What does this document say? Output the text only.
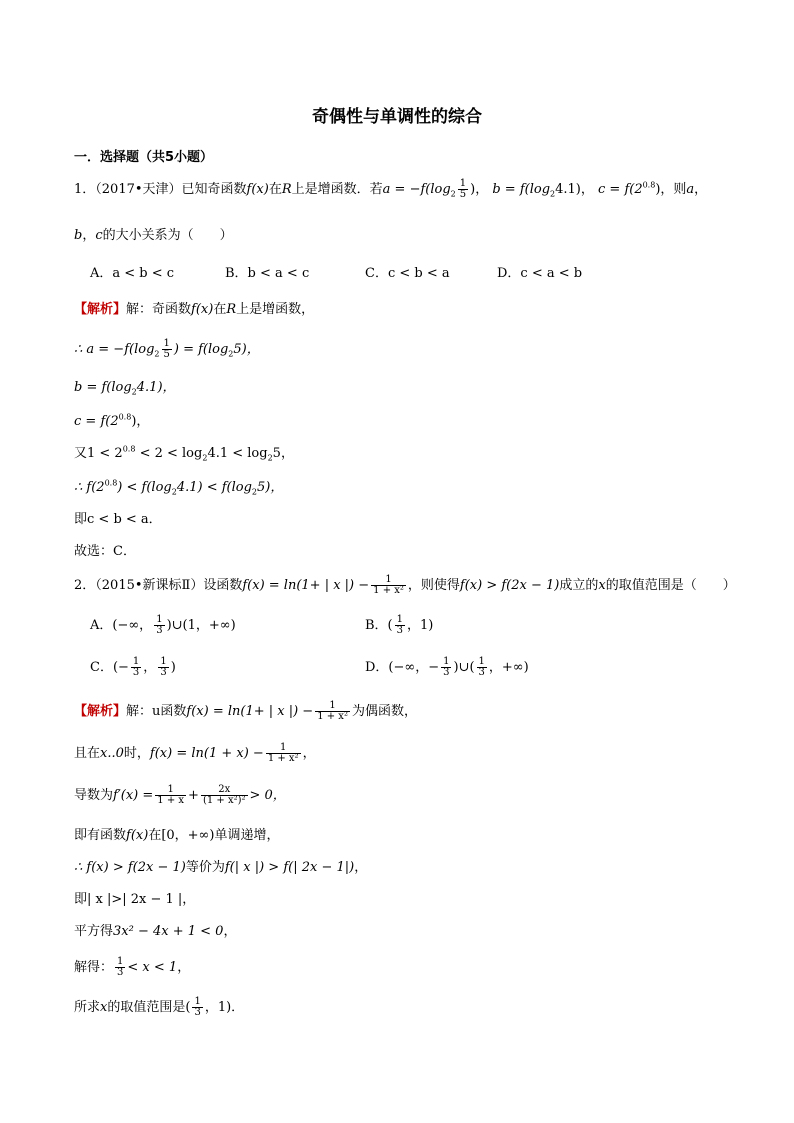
奇偶性与单调性的综合
一．选择题（共5小题）
1．（2017•天津）已知奇函数f(x)在R上是增函数．若$a = -f(\log_2 \frac{1}{5}$ )， $b = f(\log_24.1)$， $c = f(2^{0.8})$，则a，
b，c的大小关系为（　　）
A．a < b < c	B．b < a < c	C．c < b < a	D．c < a < b
【解析】解：奇函数f(x)在R上是增函数，
∴ $a = -f(\log_2 \frac{1}{5}$ ) = $f(\log_25)$，
$b = f(\log_24.1)$，
$c = f(2^{0.8})$，
又$1 < 2^{0.8} < 2 < \log_24.1 < \log_25$，
∴ $f(2^{0.8}) < f(\log_24.1) < f(\log_25)$，
即c < b < a．
故选：C．
2．（2015•新课标Ⅱ）设函数f(x) = ln(1+ | x |) − $\frac{1}{\text{1 + x²}}$ ，则使得f(x) > f(2x − 1)成立的x的取值范围是（　　）
A．(−∞， $\frac{1}{3}$ )∪(1，+∞)	B．( $\frac{1}{3}$ ，1)
C．(− $\frac{1}{3}$ ， $\frac{1}{3}$ )	D．(−∞，− $\frac{1}{3}$ )∪( $\frac{1}{3}$ ，+∞)
【解析】解：u函数f(x) = ln(1+ | x |) − $\frac{1}{\text{1 + x²}}$ 为偶函数，
且在x..0时，$f(x) = \ln(1 + x) - \frac{1}{\text{1 + x²}}$ ，
导数为$f'(x) = \frac{1}{1 + x} + \frac{2x}{\text{(1 + x²)²}} > 0$，
即有函数f(x)在[0，+∞)单调递增，
∴ f(x) > f(2x − 1)等价为f(| x |) > f(| 2x − 1|)，
即| x |>| 2x − 1 |，
平方得3x² − 4x + 1 < 0，
解得： $\frac{1}{3} < x < 1$，
所求x的取值范围是( $\frac{1}{3}$ ，1)．
